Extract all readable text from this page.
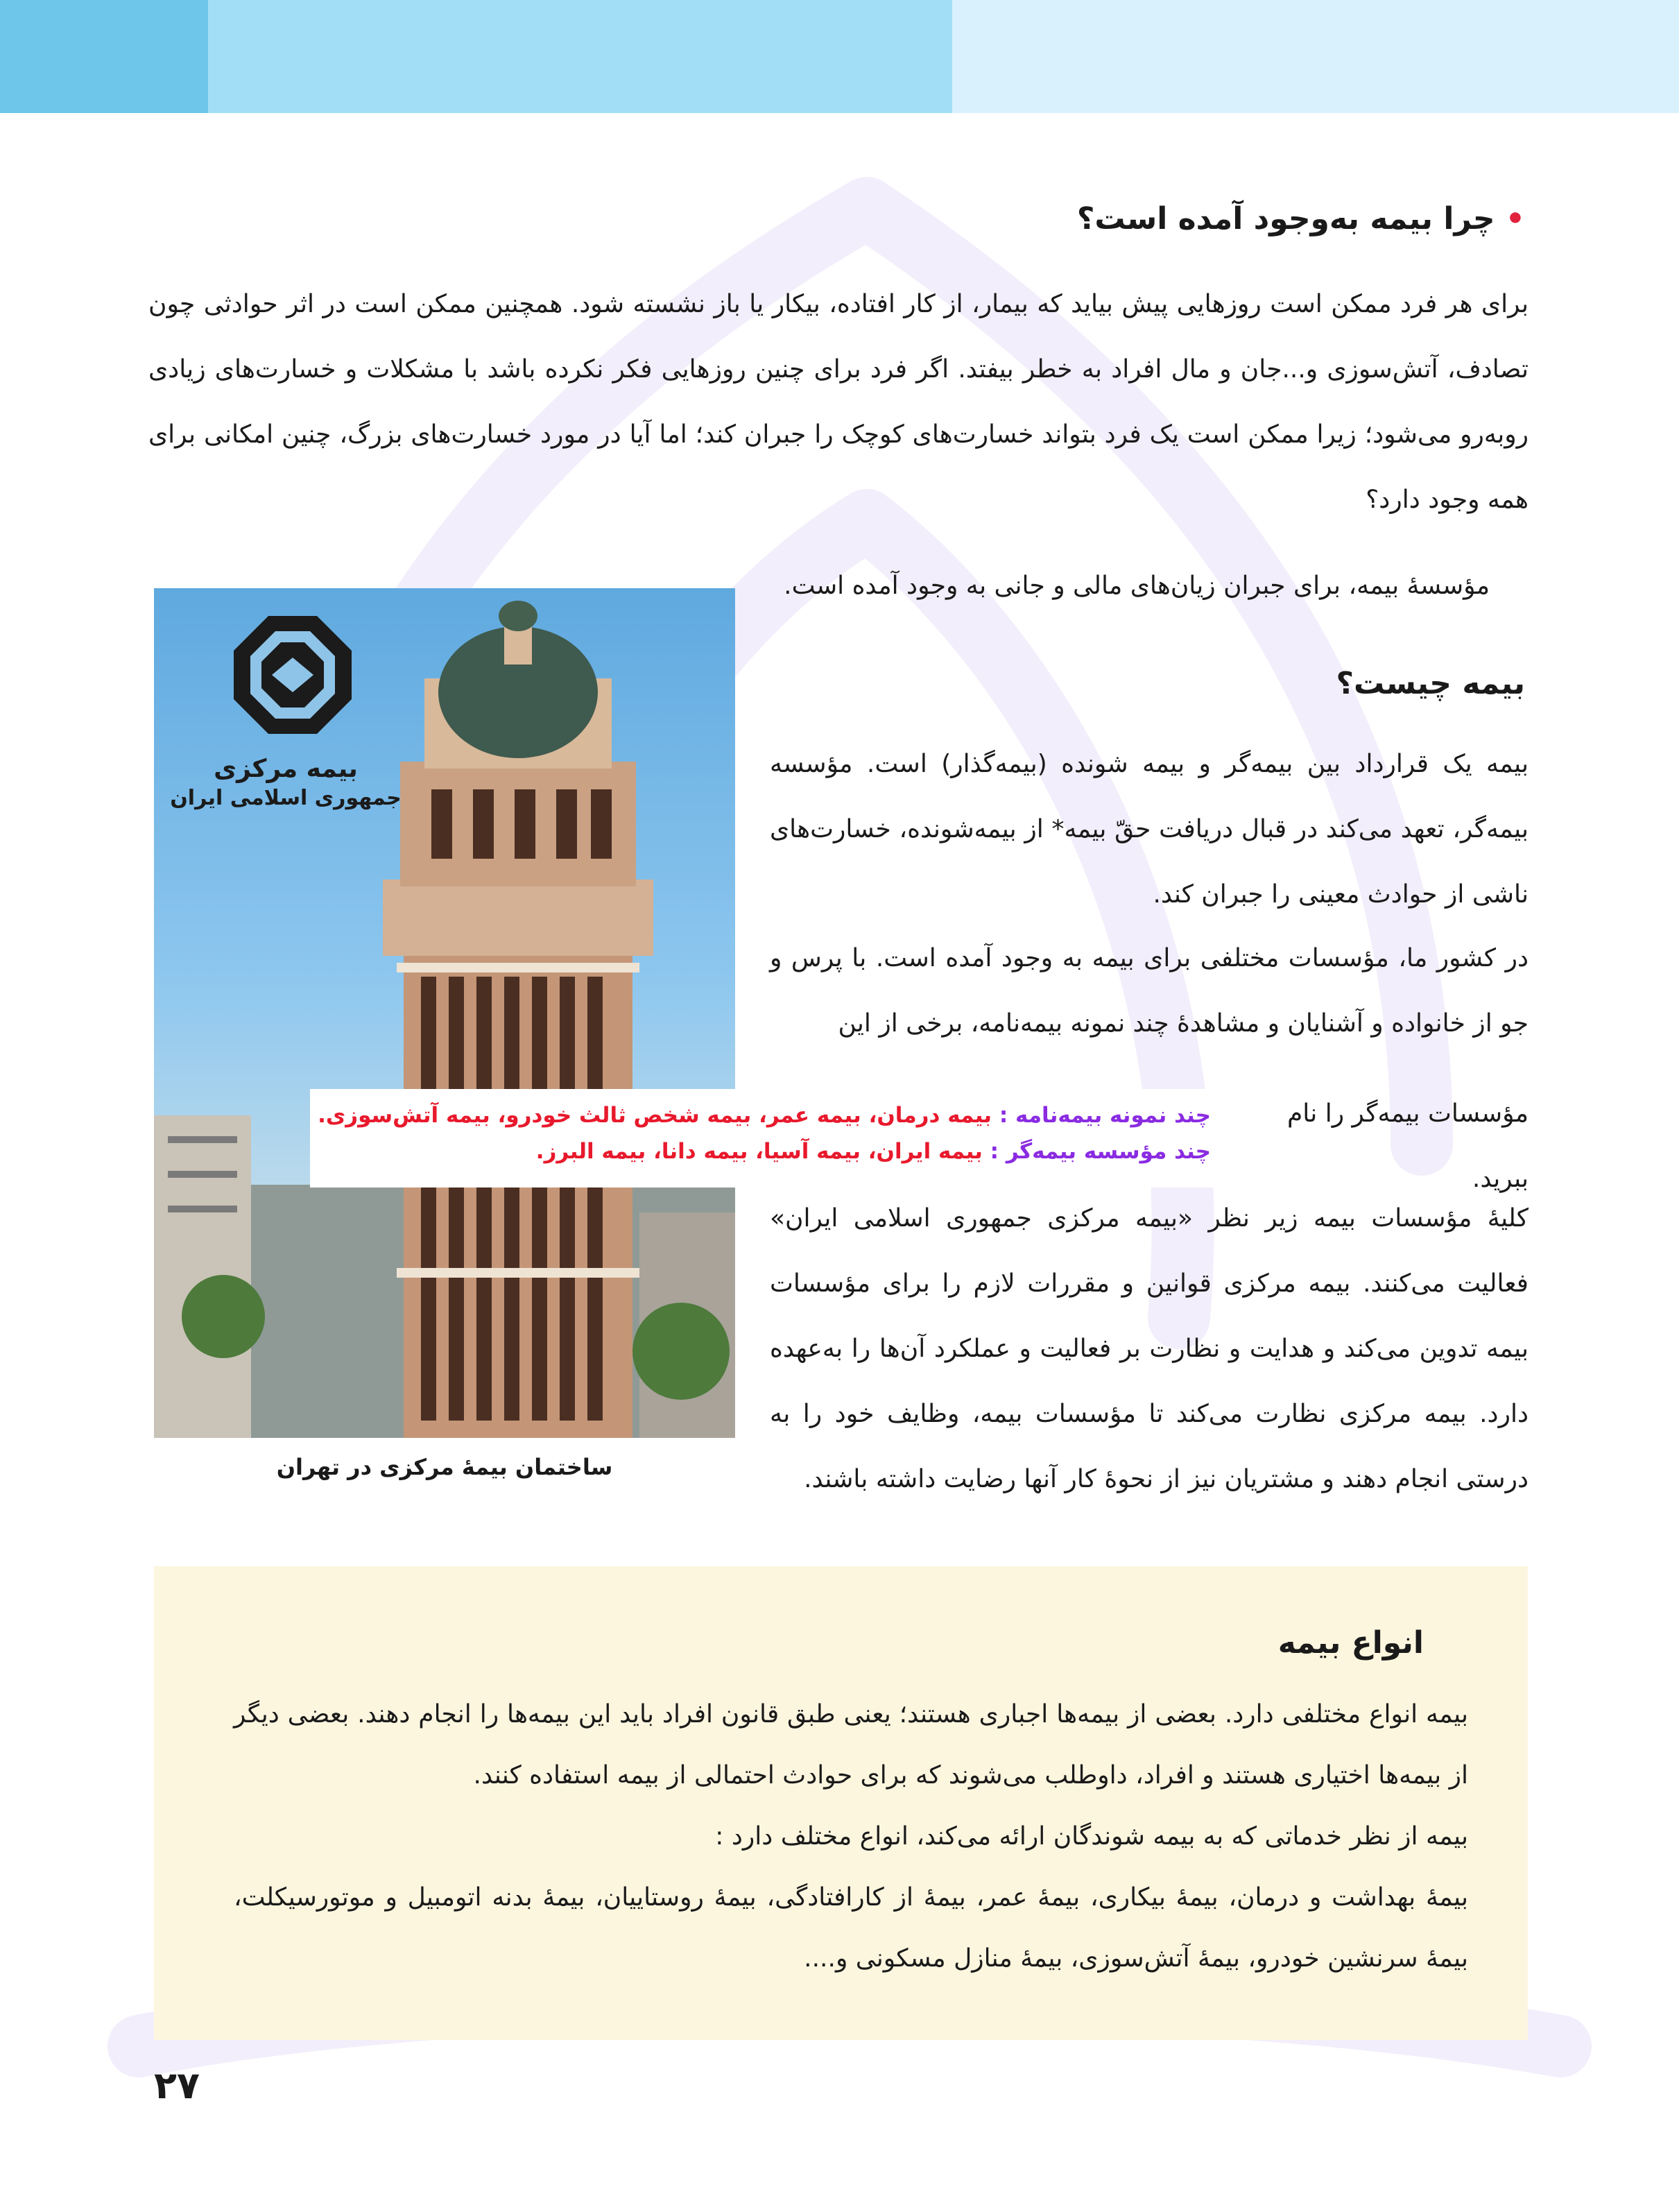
• چرا بیمه به‌وجود آمده است؟

برای هر فرد ممکن است روزهایی پیش بیاید که بیمار، از کار افتاده، بیکار یا باز نشسته شود. همچنین ممکن است در اثر حوادثی چون تصادف، آتش‌سوزی و...جان و مال افراد به خطر بیفتد. اگر فرد برای چنین روزهایی فکر نکرده باشد با مشکلات و خسارت‌های زیادی روبه‌رو می‌شود؛ زیرا ممکن است یک فرد بتواند خسارت‌های کوچک را جبران کند؛ اما آیا در مورد خسارت‌های بزرگ، چنین امکانی برای همه وجود دارد؟

مؤسسهٔ بیمه، برای جبران زیان‌های مالی و جانی به وجود آمده است.

بیمه مرکزی
جمهوری اسلامی ایران
ساختمان بیمهٔ مرکزی در تهران
بیمه چیست؟

بیمه یک قرارداد بین بیمه‌گر و بیمه شونده (بیمه‌گذار) است. مؤسسه بیمه‌گر، تعهد می‌کند در قبال دریافت حقّ بیمه* از بیمه‌شونده، خسارت‌های ناشی از حوادث معینی را جبران کند.

در کشور ما، مؤسسات مختلفی برای بیمه به وجود آمده است. با پرس و جو از خانواده و آشنایان و مشاهدهٔ چند نمونه بیمه‌نامه، برخی از این

مؤسسات بیمه‌گر را نام ببرید.

چند نمونه بیمه‌نامه : بیمه درمان، بیمه عمر، بیمه شخص ثالث خودرو، بیمه آتش‌سوزی.
چند مؤسسه بیمه‌گر : بیمه ایران، بیمه آسیا، بیمه دانا، بیمه البرز.

کلیهٔ مؤسسات بیمه زیر نظر «بیمه مرکزی جمهوری اسلامی ایران» فعالیت می‌کنند. بیمه مرکزی قوانین و مقررات لازم را برای مؤسسات بیمه تدوین می‌کند و هدایت و نظارت بر فعالیت و عملکرد آن‌ها را به‌عهده دارد. بیمه مرکزی نظارت می‌کند تا مؤسسات بیمه، وظایف خود را به درستی انجام دهند و مشتریان نیز از نحوهٔ کار آنها رضایت داشته باشند.

انواع بیمه

بیمه انواع مختلفی دارد. بعضی از بیمه‌ها اجباری هستند؛ یعنی طبق قانون افراد باید این بیمه‌ها را انجام دهند. بعضی دیگر از بیمه‌ها اختیاری هستند و افراد، داوطلب می‌شوند که برای حوادث احتمالی از بیمه استفاده کنند.

بیمه از نظر خدماتی که به بیمه شوندگان ارائه می‌کند، انواع مختلف دارد :

بیمهٔ بهداشت و درمان، بیمهٔ بیکاری، بیمهٔ عمر، بیمهٔ از کارافتادگی، بیمهٔ روستاییان، بیمهٔ بدنه اتومبیل و موتورسیکلت، بیمهٔ سرنشین خودرو، بیمهٔ آتش‌سوزی، بیمهٔ منازل مسکونی و....

۲۷
